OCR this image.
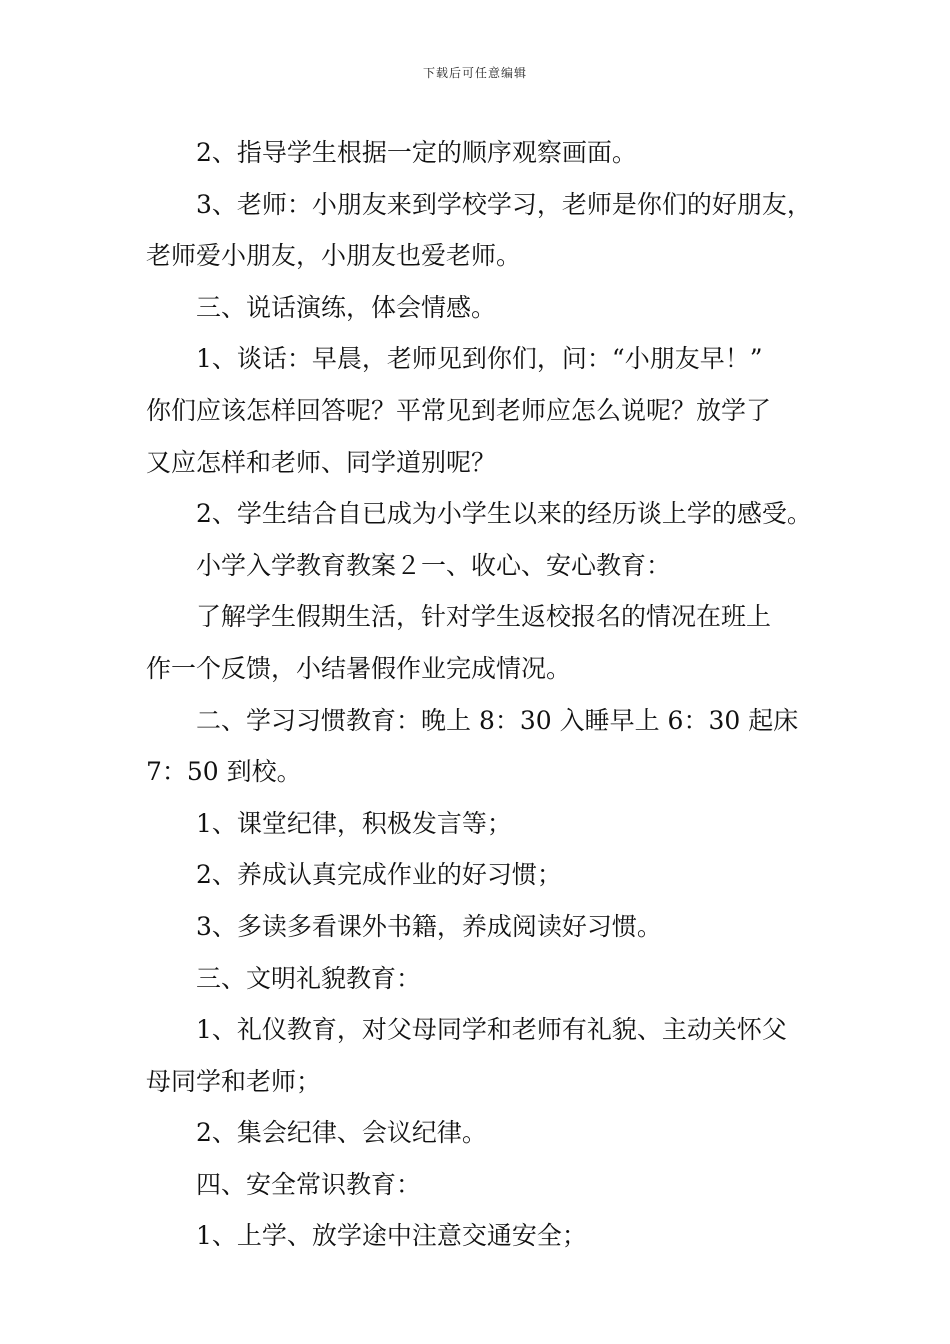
下载后可任意编辑
2、指导学生根据一定的顺序观察画面。
3、老师：小朋友来到学校学习，老师是你们的好朋友，
老师爱小朋友，小朋友也爱老师。
三、说话演练，体会情感。
1、谈话：早晨，老师见到你们，问：“小朋友早！”
你们应该怎样回答呢？平常见到老师应怎么说呢？放学了
又应怎样和老师、同学道别呢？
2、学生结合自已成为小学生以来的经历谈上学的感受。
小学入学教育教案２一、收心、安心教育：
了解学生假期生活，针对学生返校报名的情况在班上
作一个反馈，小结暑假作业完成情况。
二、学习习惯教育：晚上 8：30 入睡早上 6：30 起床
7：50 到校。
1、课堂纪律，积极发言等；
2、养成认真完成作业的好习惯；
3、多读多看课外书籍，养成阅读好习惯。
三、文明礼貌教育：
1、礼仪教育，对父母同学和老师有礼貌、主动关怀父
母同学和老师；
2、集会纪律、会议纪律。
四、安全常识教育：
1、上学、放学途中注意交通安全；
